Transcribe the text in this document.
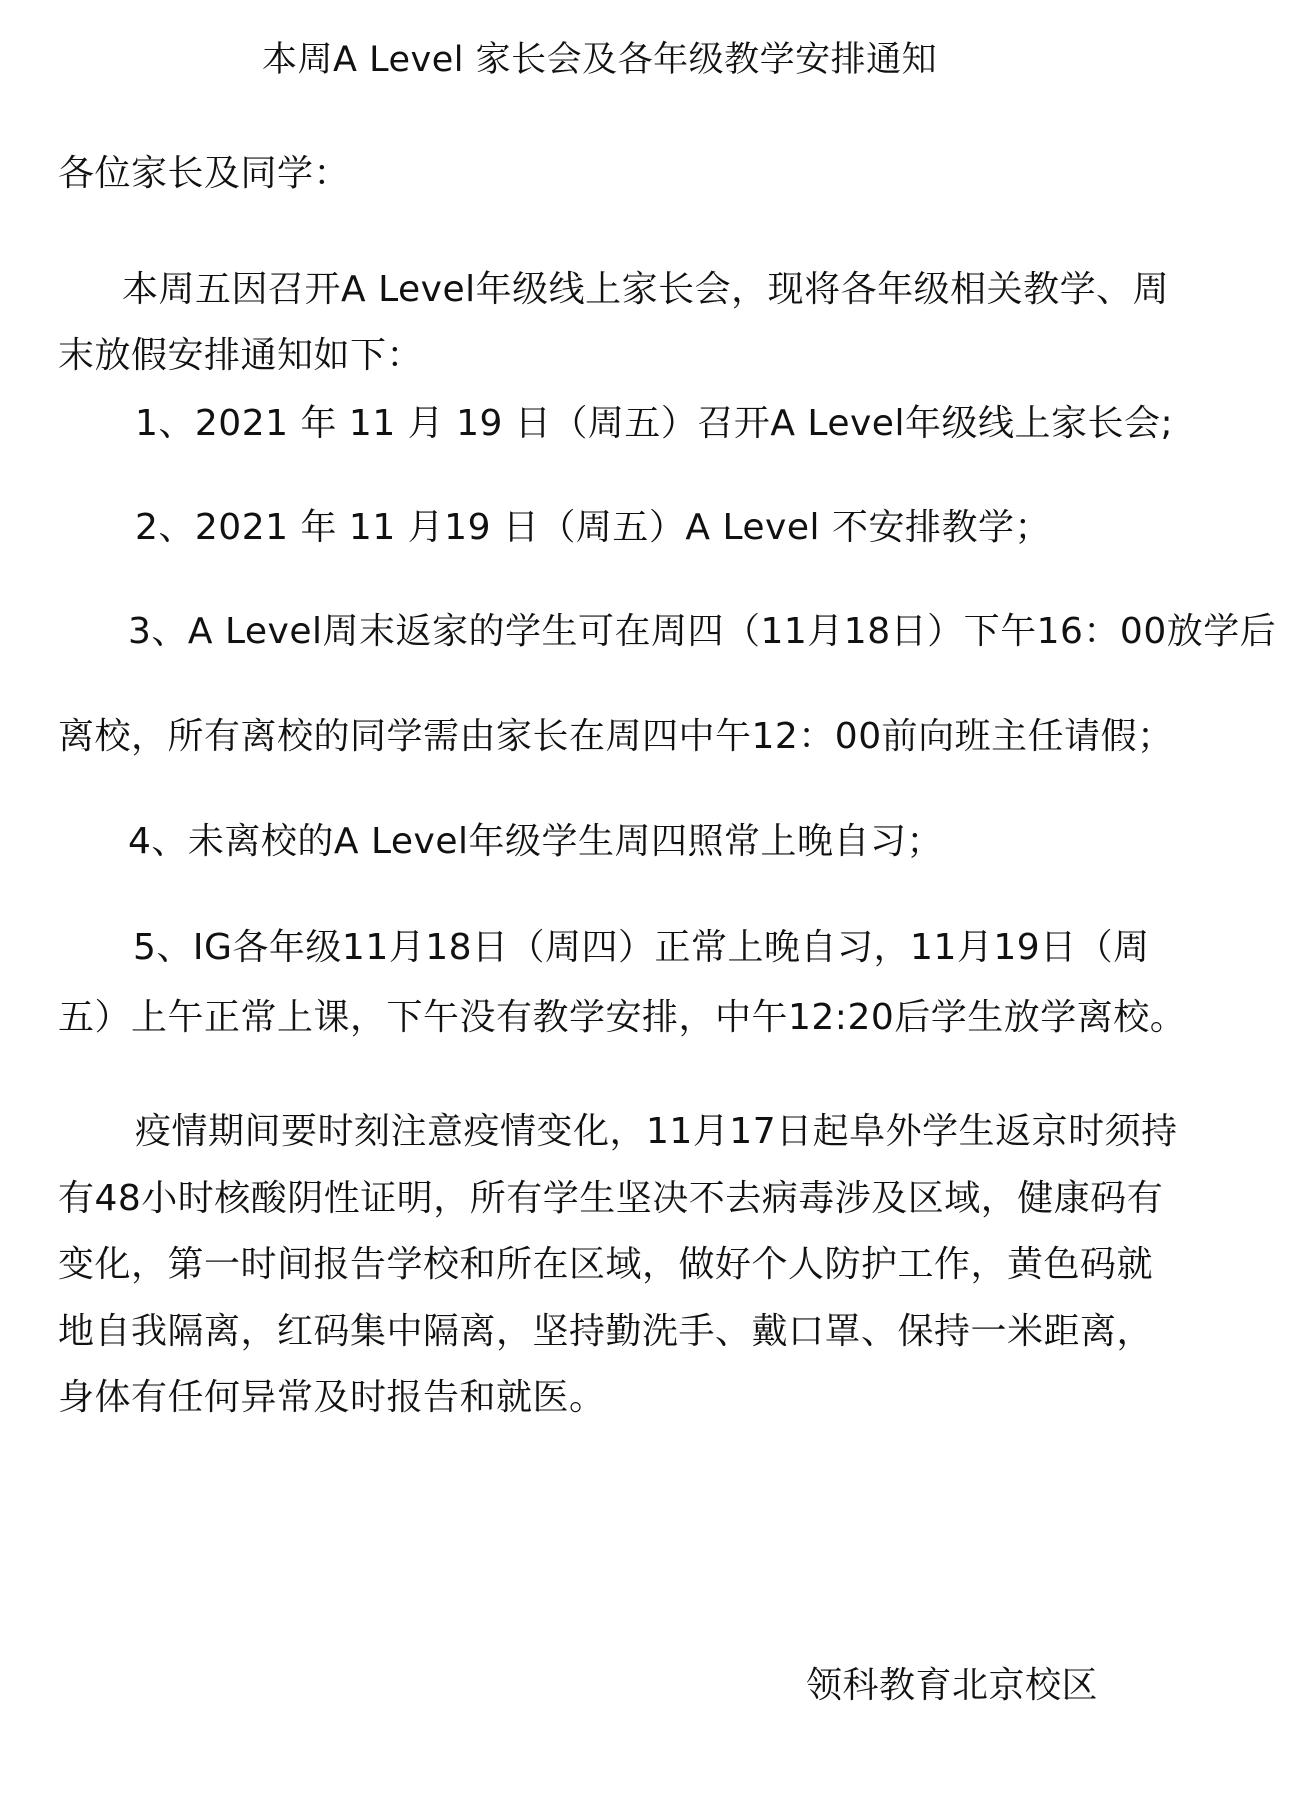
本周A Level 家长会及各年级教学安排通知
各位家长及同学：
本周五因召开A Level年级线上家长会，现将各年级相关教学、周
末放假安排通知如下：
1、2021 年 11 月 19 日（周五）召开A Level年级线上家长会;
2、2021 年 11 月19 日（周五）A Level 不安排教学；
3、A Level周末返家的学生可在周四（11月18日）下午16：00放学后
离校，所有离校的同学需由家长在周四中午12：00前向班主任请假；
4、未离校的A Level年级学生周四照常上晚自习；
5、IG各年级11月18日（周四）正常上晚自习，11月19日（周
五）上午正常上课，下午没有教学安排，中午12:20后学生放学离校。
疫情期间要时刻注意疫情变化，11月17日起阜外学生返京时须持
有48小时核酸阴性证明，所有学生坚决不去病毒涉及区域，健康码有
变化，第一时间报告学校和所在区域，做好个人防护工作，黄色码就
地自我隔离，红码集中隔离，坚持勤洗手、戴口罩、保持一米距离，
身体有任何异常及时报告和就医。
领科教育北京校区
